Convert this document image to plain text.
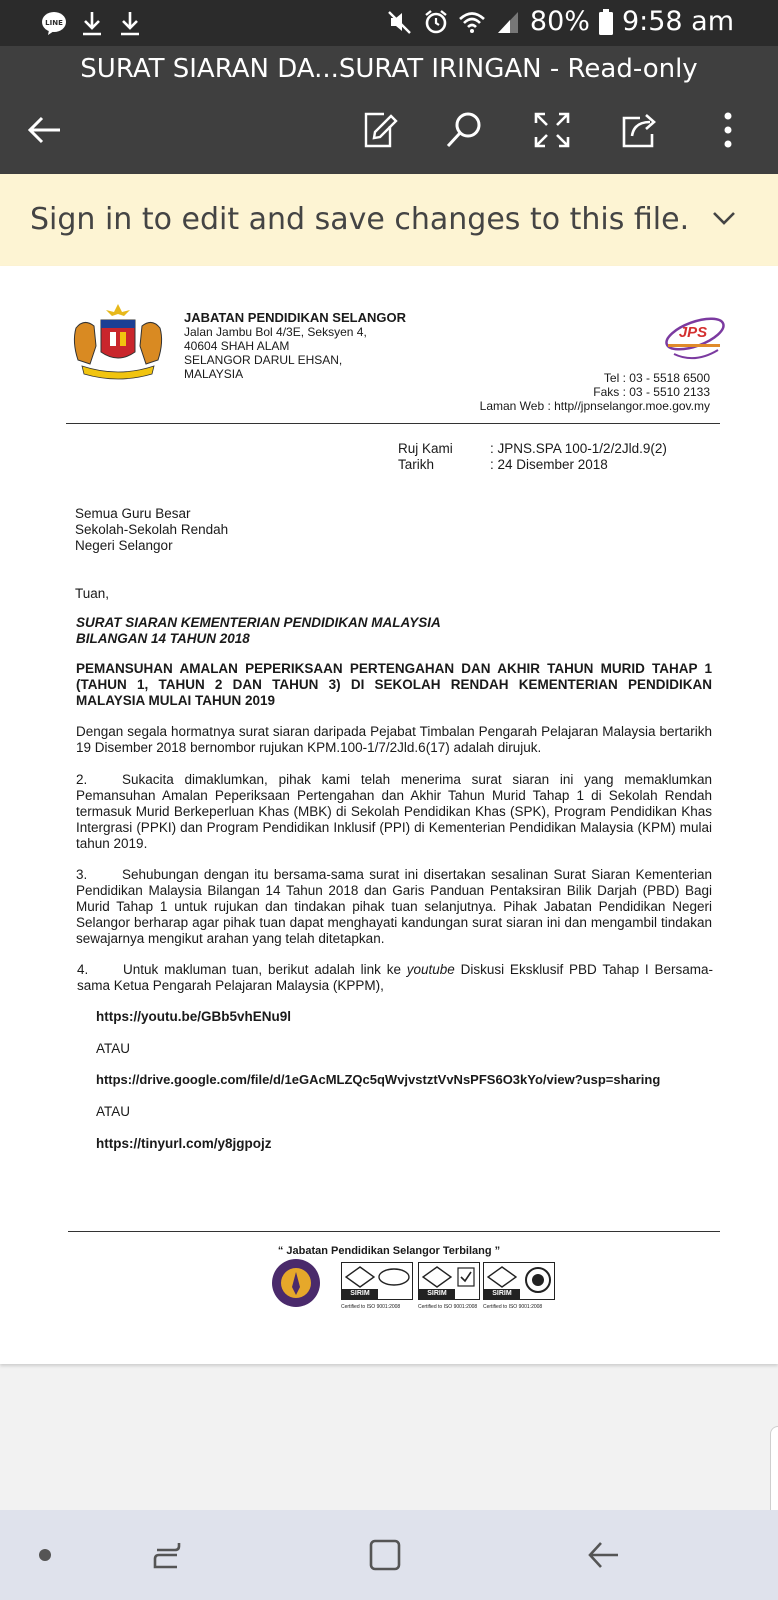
LINE	80% 9:58 am
SURAT SIARAN DA...SURAT IRINGAN - Read-only
Sign in to edit and save changes to this file.
JABATAN PENDIDIKAN SELANGOR
Jalan Jambu Bol 4/3E, Seksyen 4,
40604 SHAH ALAM
SELANGOR DARUL EHSAN,
MALAYSIA
JPS
Tel : 03 - 5518 6500
Faks : 03 - 5510 2133
Laman Web : http//jpnselangor.moe.gov.my
Ruj Kami	: JPNS.SPA 100-1/2/2Jld.9(2)
Tarikh	: 24 Disember 2018
Semua Guru Besar
Sekolah-Sekolah Rendah
Negeri Selangor
Tuan,
SURAT SIARAN KEMENTERIAN PENDIDIKAN MALAYSIA
BILANGAN 14 TAHUN 2018
PEMANSUHAN AMALAN PEPERIKSAAN PERTENGAHAN DAN AKHIR TAHUN MURID TAHAP 1 (TAHUN 1, TAHUN 2 DAN TAHUN 3) DI SEKOLAH RENDAH KEMENTERIAN PENDIDIKAN MALAYSIA MULAI TAHUN 2019
Dengan segala hormatnya surat siaran daripada Pejabat Timbalan Pengarah Pelajaran Malaysia bertarikh 19 Disember 2018 bernombor rujukan KPM.100-1/7/2Jld.6(17) adalah dirujuk.
2.	Sukacita dimaklumkan, pihak kami telah menerima surat siaran ini yang memaklumkan Pemansuhan Amalan Peperiksaan Pertengahan dan Akhir Tahun Murid Tahap 1 di Sekolah Rendah termasuk Murid Berkeperluan Khas (MBK) di Sekolah Pendidikan Khas (SPK), Program Pendidikan Khas Intergrasi (PPKI) dan Program Pendidikan Inklusif (PPI) di Kementerian Pendidikan Malaysia (KPM) mulai tahun 2019.
3.	Sehubungan dengan itu bersama-sama surat ini disertakan sesalinan Surat Siaran Kementerian Pendidikan Malaysia Bilangan 14 Tahun 2018 dan Garis Panduan Pentaksiran Bilik Darjah (PBD) Bagi Murid Tahap 1 untuk rujukan dan tindakan pihak tuan selanjutnya. Pihak Jabatan Pendidikan Negeri Selangor berharap agar pihak tuan dapat menghayati kandungan surat siaran ini dan mengambil tindakan sewajarnya mengikut arahan yang telah ditetapkan.
4.	Untuk makluman tuan, berikut adalah link ke youtube Diskusi Eksklusif PBD Tahap I Bersama-sama Ketua Pengarah Pelajaran Malaysia (KPPM),
https://youtu.be/GBb5vhENu9l
ATAU
https://drive.google.com/file/d/1eGAcMLZQc5qWvjvstztVvNsPFS6O3kYo/view?usp=sharing
ATAU
https://tinyurl.com/y8jgpojz
“ Jabatan Pendidikan Selangor Terbilang ”
SIRIM	SIRIM	SIRIM
Certified to ISO 9001:2008	Certified to ISO 9001:2008 Certified to ISO 9001:2008
